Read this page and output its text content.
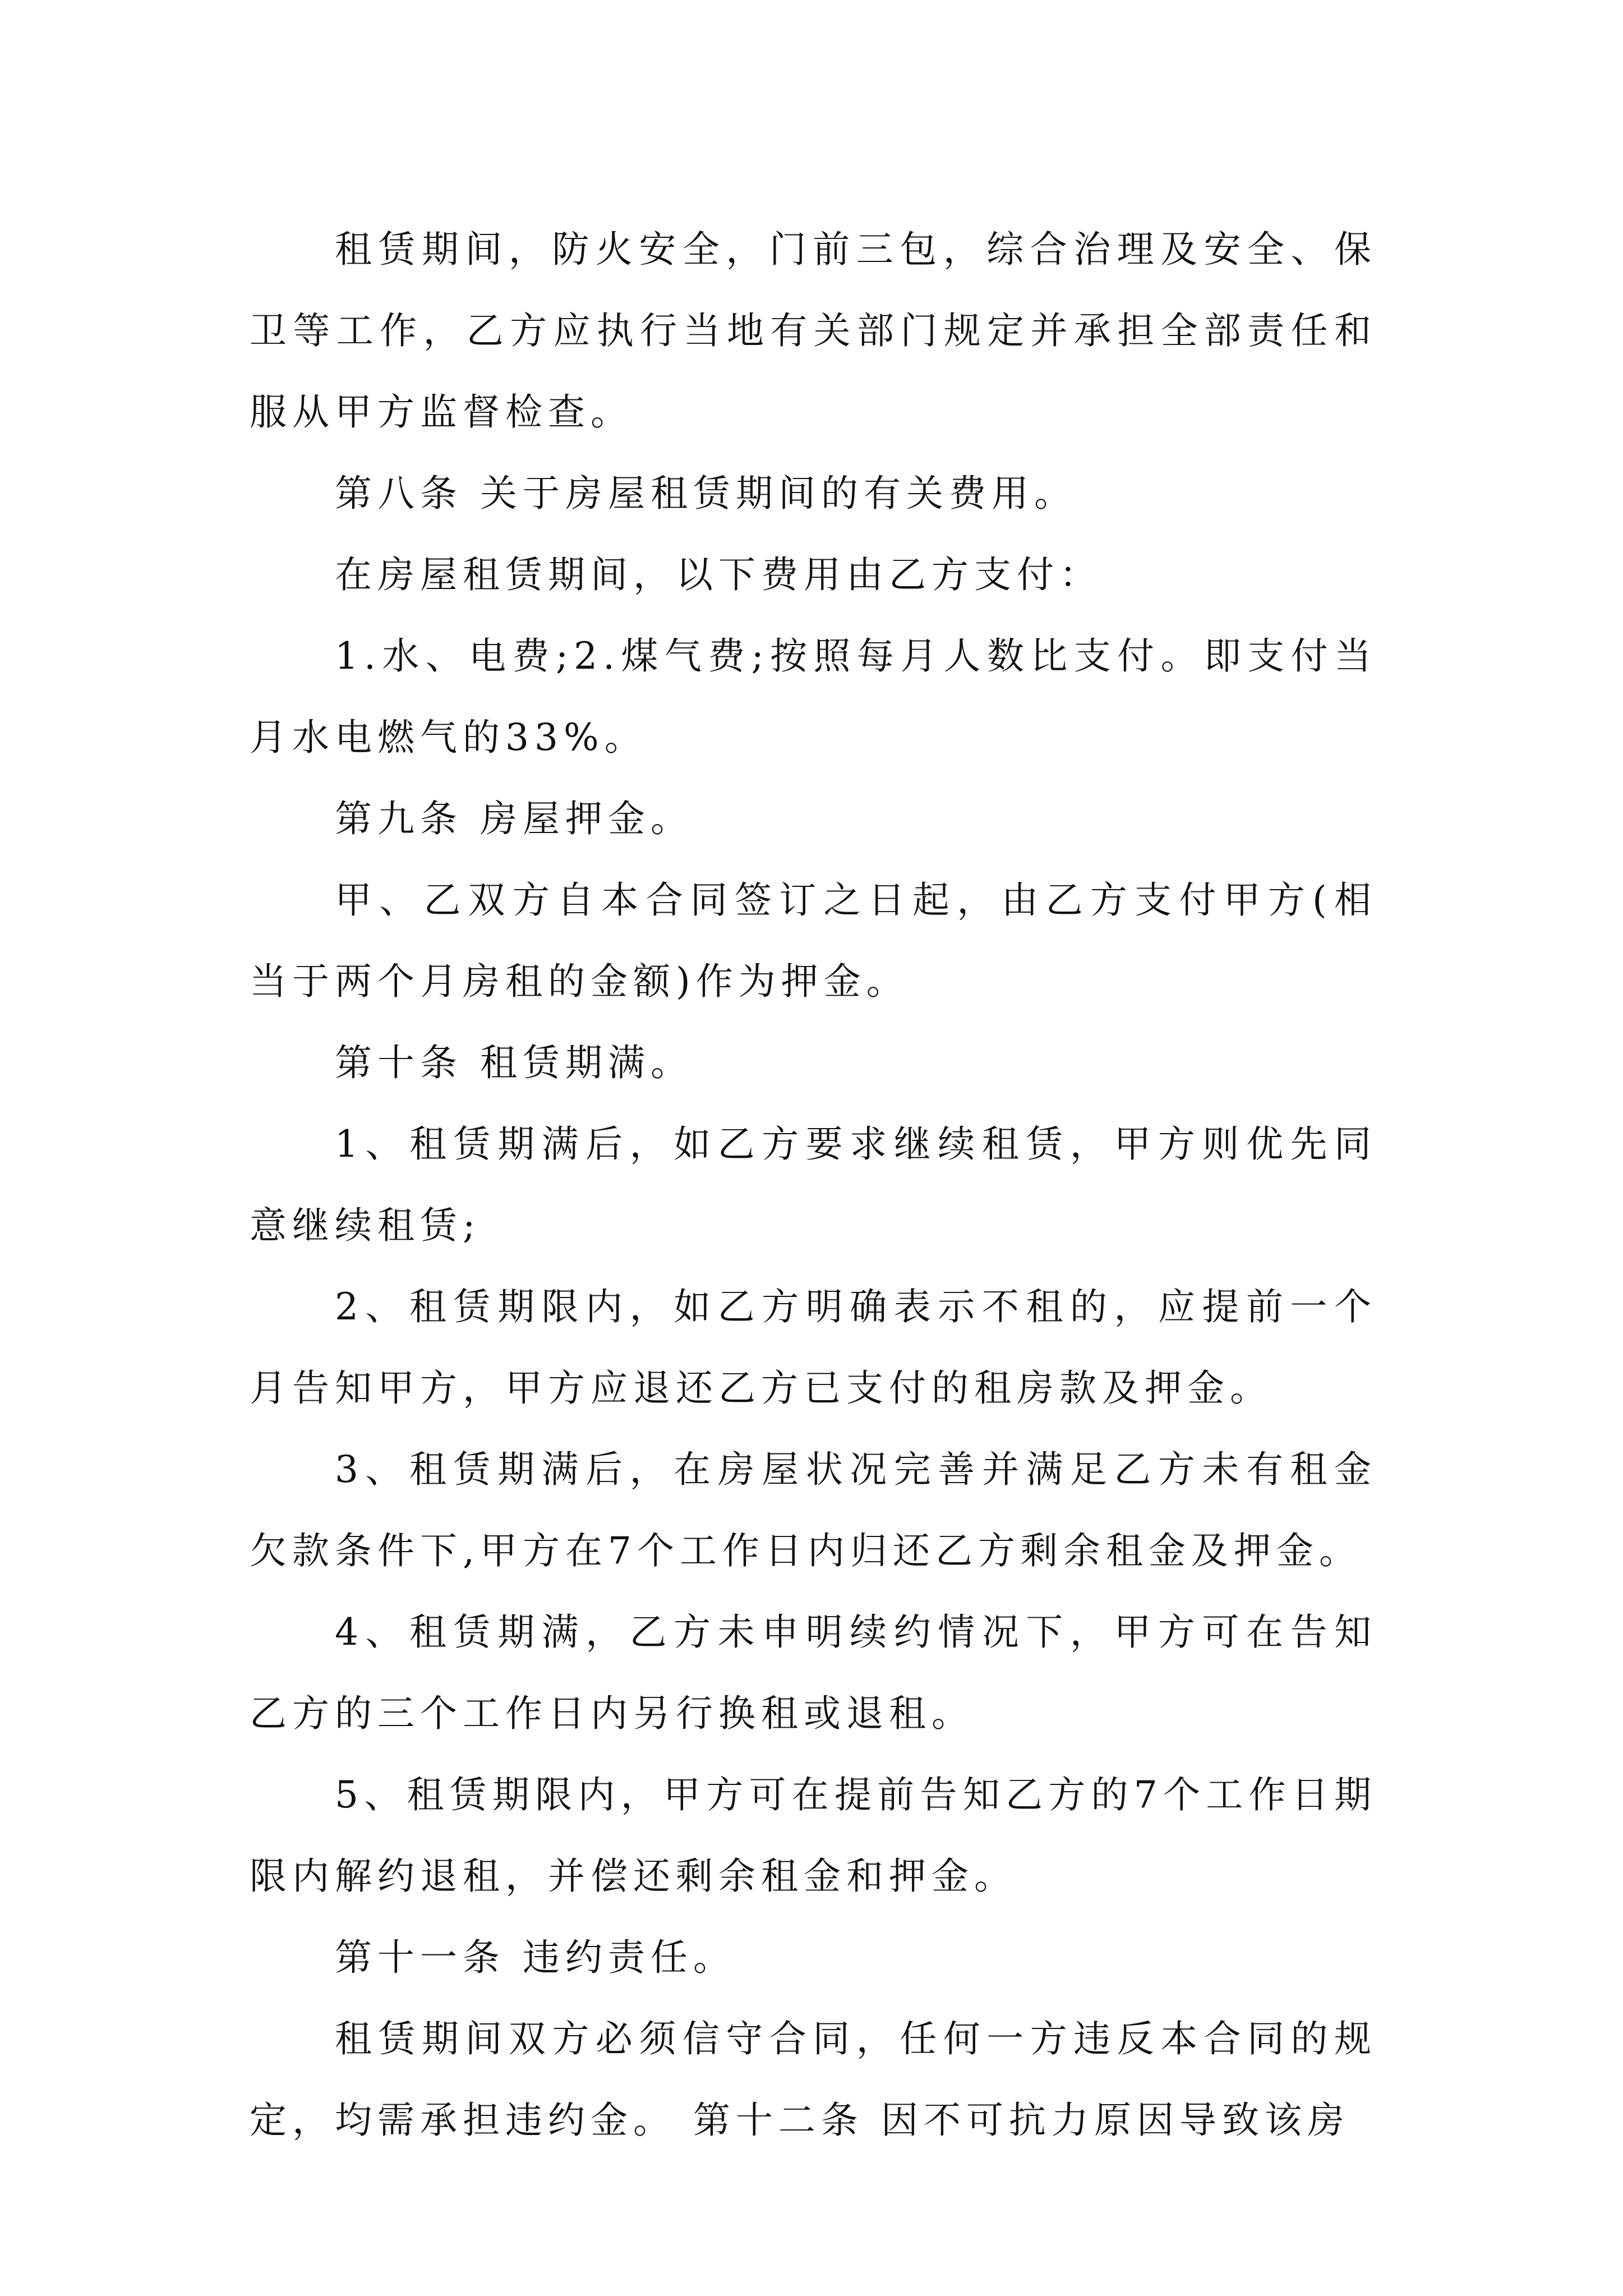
租赁期间，防火安全，门前三包，综合治理及安全、保卫等工作，乙方应执行当地有关部门规定并承担全部责任和服从甲方监督检查。

第八条 关于房屋租赁期间的有关费用。

在房屋租赁期间，以下费用由乙方支付：

1.水、电费;2.煤气费;按照每月人数比支付。即支付当月水电燃气的33%。

第九条 房屋押金。

甲、乙双方自本合同签订之日起，由乙方支付甲方(相当于两个月房租的金额)作为押金。

第十条 租赁期满。

1、租赁期满后，如乙方要求继续租赁，甲方则优先同意继续租赁;

2、租赁期限内，如乙方明确表示不租的，应提前一个月告知甲方，甲方应退还乙方已支付的租房款及押金。

3、租赁期满后，在房屋状况完善并满足乙方未有租金欠款条件下,甲方在7个工作日内归还乙方剩余租金及押金。

4、租赁期满，乙方未申明续约情况下，甲方可在告知乙方的三个工作日内另行换租或退租。

5、租赁期限内，甲方可在提前告知乙方的7个工作日期限内解约退租，并偿还剩余租金和押金。

第十一条 违约责任。

租赁期间双方必须信守合同，任何一方违反本合同的规定，均需承担违约金。 第十二条 因不可抗力原因导致该房
